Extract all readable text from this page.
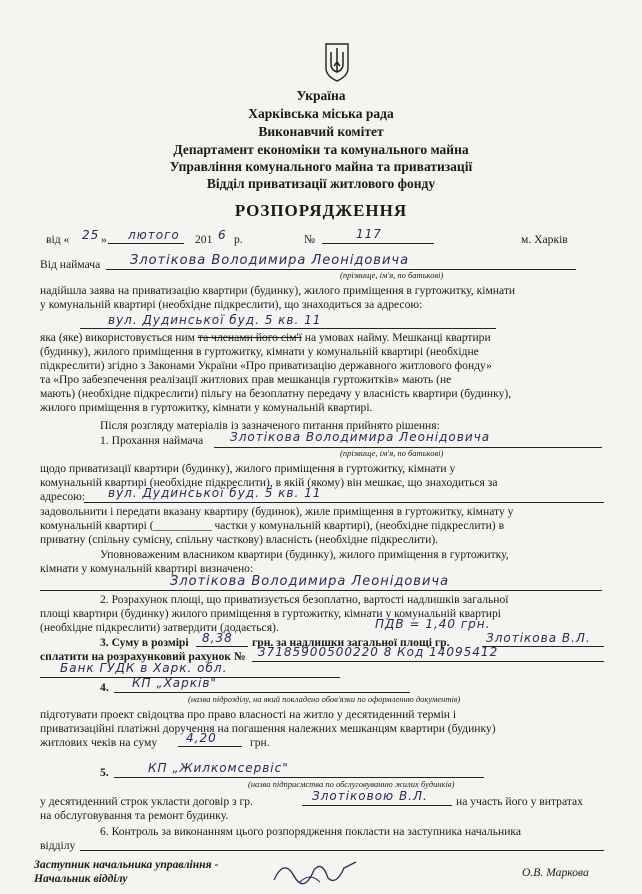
Україна
Харківська міська рада
Виконавчий комітет
Департамент економіки та комунального майна
Управління комунального майна та приватизації
Відділ приватизації житлового фонду
РОЗПОРЯДЖЕННЯ
від « 25 » лютого 201 6 р.	№	117	м. Харків
Від наймача Злотікова Володимира Леонідовича
(прізвище, ім'я, по батькові)
надійшла заява на приватизацію квартири (будинку), жилого приміщення в гуртожитку, кімнати
у комунальній квартирі (необхідне підкреслити), що знаходиться за адресою:
вул. Дудинської буд. 5 кв. 11
яка (яке) використовується ним та членами його сім'ї на умовах найму. Мешканці квартири
(будинку), жилого приміщення в гуртожитку, кімнати у комунальній квартирі (необхідне
підкреслити) згідно з Законами України «Про приватизацію державного житлового фонду»
та «Про забезпечення реалізації житлових прав мешканців гуртожитків» мають (не
мають) (необхідне підкреслити) пільгу на безоплатну передачу у власність квартири (будинку),
жилого приміщення в гуртожитку, кімнати у комунальній квартирі.
Після розгляду матеріалів із зазначеного питання прийнято рішення:
1. Прохання наймача Злотікова Володимира Леонідовича
(прізвище, ім'я, по батькові)
щодо приватизації квартири (будинку), жилого приміщення в гуртожитку, кімнати у
комунальній квартирі (необхідне підкреслити), в якій (якому) він мешкає, що знаходиться за
адресою: вул. Дудинської буд. 5 кв. 11
задовольнити і передати вказану квартиру (будинок), жиле приміщення в гуртожитку, кімнату у
комунальній квартирі (__________ частки у комунальній квартирі), (необхідне підкреслити) в
приватну (спільну сумісну, спільну часткову) власність (необхідне підкреслити).
Уповноваженим власником квартири (будинку), жилого приміщення в гуртожитку,
кімнати у комунальній квартирі визначено:
Злотікова Володимира Леонідовича
2. Розрахунок площі, що приватизується безоплатно, вартості надлишків загальної
площі квартири (будинку) жилого приміщення в гуртожитку, кімнати у комунальній квартирі
(необхідне підкреслити) затвердити (додається).	ПДВ = 1,40 грн.
3. Суму в розмірі 8,38 грн. за надлишки загальної площі гр.	Злотікова В.Л.
сплатити на розрахунковий рахунок № 37185900500220 8 Код 14095412
Банк ГУДК в Харк. обл.
4. КП „Харків"
(назва підрозділу, на який покладено обов'язки по оформленню документів)
підготувати проект свідоцтва про право власності на житло у десятиденний термін і
приватизаційні платіжні доручення на погашення належних мешканцям квартири (будинку)
житлових чеків на суму 4,20	грн.
5.	КП „Жилкомсервіс"
(назва підприємства по обслуговуванню жилих будинків)
у десятиденний строк укласти договір з гр.	Злотіковою В.Л. на участь його у витратах
на обслуговування та ремонт будинку.
6. Контроль за виконанням цього розпорядження покласти на заступника начальника
відділу
Заступник начальника управління -
Начальник відділу	О.В. Маркова
